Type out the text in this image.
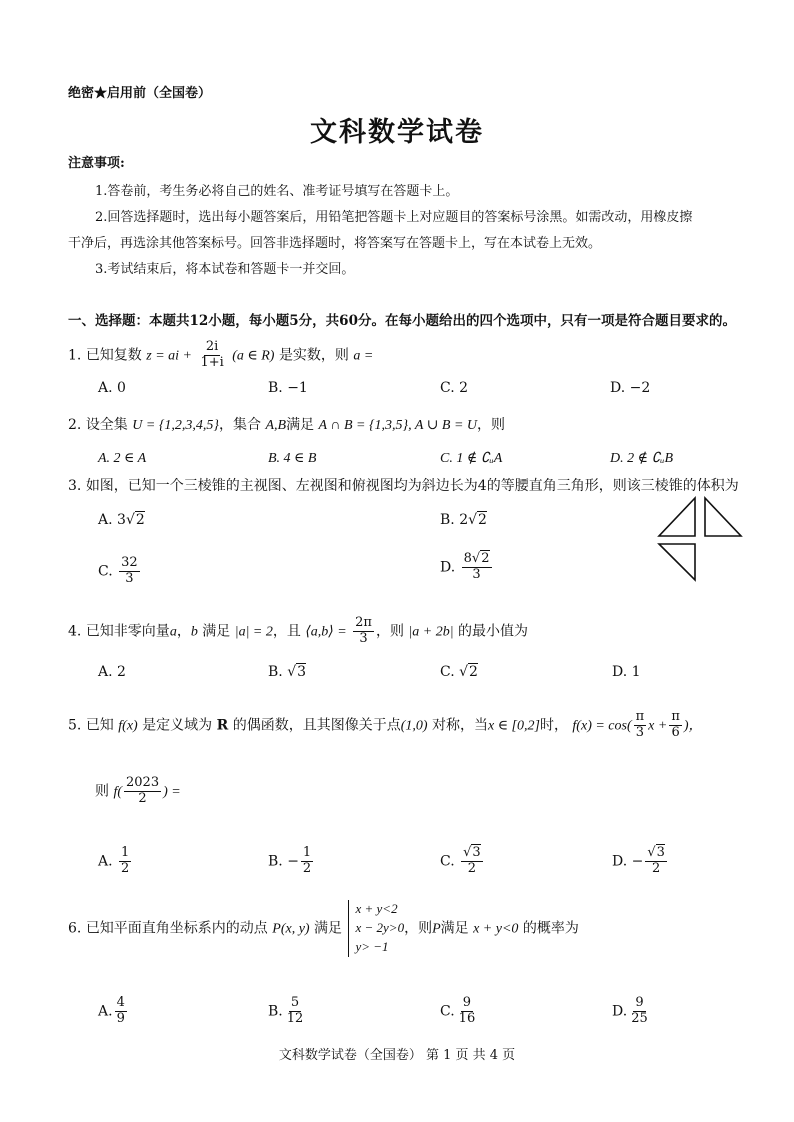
绝密★启用前（全国卷）
文科数学试卷
注意事项:
1.答卷前，考生务必将自己的姓名、准考证号填写在答题卡上。
2.回答选择题时，选出每小题答案后，用铅笔把答题卡上对应题目的答案标号涂黑。如需改动，用橡皮擦
干净后，再选涂其他答案标号。回答非选择题时，将答案写在答题卡上，写在本试卷上无效。
3.考试结束后，将本试卷和答题卡一并交回。
一、选择题：本题共12小题，每小题5分，共60分。在每小题给出的四个选项中，只有一项是符合题目要求的。
1. 已知复数 z = ai + $\frac{2i}{1+i} (a$ ∈ R) 是实数，则 a =
A. 0	B. −1	C. 2	D. −2
2. 设全集 U = {1,2,3,4,5}，集合 A,B满足 A ∩ B = {1,3,5}, A ∪ B = U，则
A. 2 ∈ A	B. 4 ∈ B	C. 1 ∉ ∁ᵤA	D. 2 ∉ ∁ᵤB
3. 如图，已知一个三棱锥的主视图、左视图和俯视图均为斜边长为4的等腰直角三角形，则该三棱锥的体积为
A. 3√2	B. 2√2
C. $\frac{32}{3}$	D. $\frac{8√2}{3}$
4. 已知非零向量a，b 满足 |a| = 2，且 ⟨a,b⟩ = $\frac{2\pi}{3}$ ，则 |a + 2b| 的最小值为
A. 2	B. √3	C. √2	D. 1
5. 已知 f(x) 是定义域为 R 的偶函数，且其图像关于点(1,0) 对称，当x ∈ [0,2]时， $f(x) = \cos( \frac{\pi}{3}$ $x + \frac{\pi}{6}$ )，
则 $f( \frac{2023}{2}$ ) =
A. $\frac{1}{2}$	B. − $\frac{1}{2}$	C. $\frac{√3}{2}$	D. − $\frac{√3}{2}$
6. 已知平面直角坐标系内的动点 P(x, y) 满足
x + y<2
x − 2y>0
y> −1
，则P满足 x + y<0 的概率为
A. $\frac{4}{9}$	B. $\frac{5}{12}$	C. $\frac{9}{16}$	D. $\frac{9}{25}$
文科数学试卷（全国卷） 第 1 页 共 4 页
